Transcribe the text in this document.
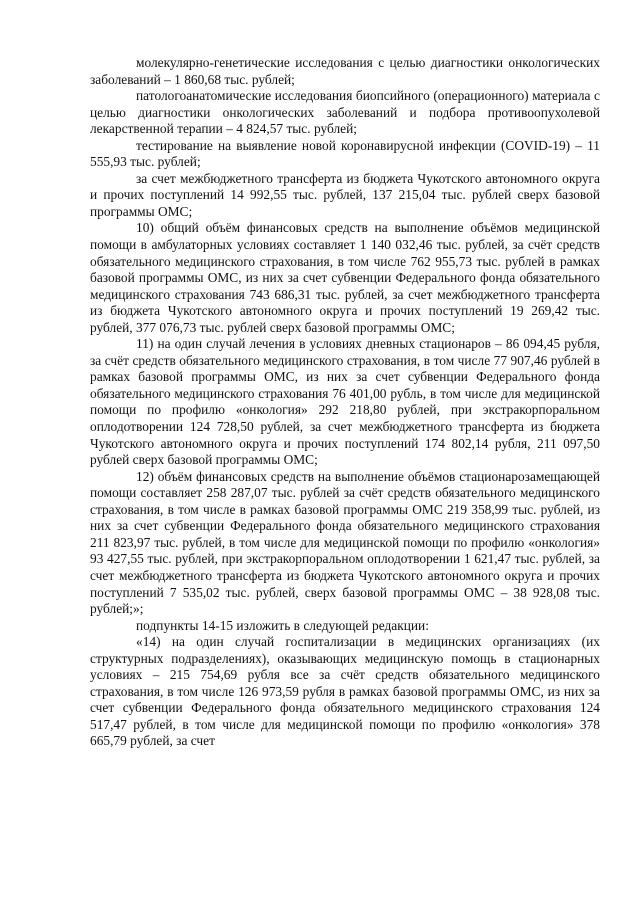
молекулярно-генетические исследования с целью диагностики онкологических заболеваний – 1 860,68 тыс. рублей;

патологоанатомические исследования биопсийного (операционного) материала с целью диагностики онкологических заболеваний и подбора противоопухолевой лекарственной терапии – 4 824,57 тыс. рублей;

тестирование на выявление новой коронавирусной инфекции (COVID-19) – 11 555,93 тыс. рублей;

за счет межбюджетного трансферта из бюджета Чукотского автономного округа и прочих поступлений 14 992,55 тыс. рублей, 137 215,04 тыс. рублей сверх базовой программы ОМС;

10) общий объём финансовых средств на выполнение объёмов медицинской помощи в амбулаторных условиях составляет 1 140 032,46 тыс. рублей, за счёт средств обязательного медицинского страхования, в том числе 762 955,73 тыс. рублей в рамках базовой программы ОМС, из них за счет субвенции Федерального фонда обязательного медицинского страхования 743 686,31 тыс. рублей, за счет межбюджетного трансферта из бюджета Чукотского автономного округа и прочих поступлений 19 269,42 тыс. рублей, 377 076,73 тыс. рублей сверх базовой программы ОМС;

11) на один случай лечения в условиях дневных стационаров – 86 094,45 рубля, за счёт средств обязательного медицинского страхования, в том числе 77 907,46 рублей в рамках базовой программы ОМС, из них за счет субвенции Федерального фонда обязательного медицинского страхования 76 401,00 рубль, в том числе для медицинской помощи по профилю «онкология» 292 218,80 рублей, при экстракорпоральном оплодотворении 124 728,50 рублей, за счет межбюджетного трансферта из бюджета Чукотского автономного округа и прочих поступлений 174 802,14 рубля, 211 097,50 рублей сверх базовой программы ОМС;

12) объём финансовых средств на выполнение объёмов стационарозамещающей помощи составляет 258 287,07 тыс. рублей за счёт средств обязательного медицинского страхования, в том числе в рамках базовой программы ОМС 219 358,99 тыс. рублей, из них за счет субвенции Федерального фонда обязательного медицинского страхования 211 823,97 тыс. рублей, в том числе для медицинской помощи по профилю «онкология» 93 427,55 тыс. рублей, при экстракорпоральном оплодотворении 1 621,47 тыс. рублей, за счет межбюджетного трансферта из бюджета Чукотского автономного округа и прочих поступлений 7 535,02 тыс. рублей, сверх базовой программы ОМС – 38 928,08 тыс. рублей;»;

подпункты 14-15 изложить в следующей редакции:

«14) на один случай госпитализации в медицинских организациях (их структурных подразделениях), оказывающих медицинскую помощь в стационарных условиях – 215 754,69 рубля все за счёт средств обязательного медицинского страхования, в том числе 126 973,59 рубля в рамках базовой программы ОМС, из них за счет субвенции Федерального фонда обязательного медицинского страхования 124 517,47 рублей, в том числе для медицинской помощи по профилю «онкология» 378 665,79 рублей, за счет
